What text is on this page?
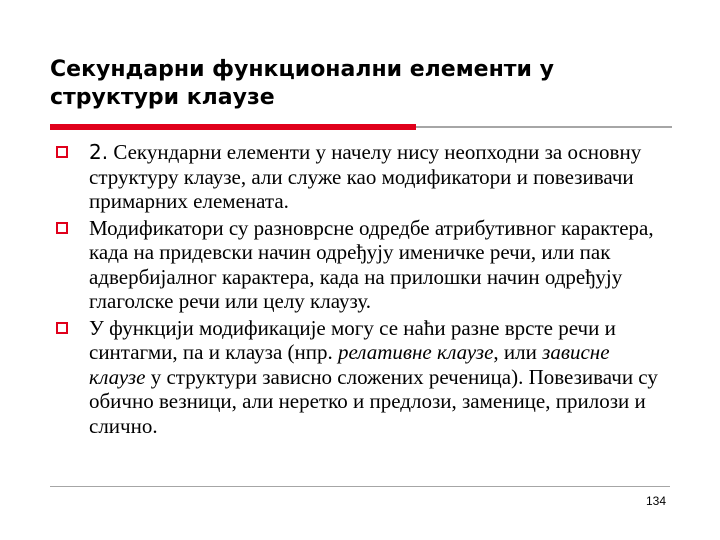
Секундарни функционални елементи у структури клаузе
2. Секундарни елементи у начелу нису неопходни за основну структуру клаузе, али служе као модификатори и повезивачи примарних елемената.
Модификатори су разноврсне одредбе атрибутивног карактера, када на придевски начин одређују именичке речи, или пак адвербијалног карактера, када на прилошки начин одређују глаголске речи или целу клаузу.
У функцији модификације могу се наћи разне врсте речи и синтагми, па и клауза (нпр. релативне клаузе, или зависне клаузе у структури зависно сложених реченица). Повезивачи су обично везници, али неретко и предлози, заменице, прилози и слично.
134
